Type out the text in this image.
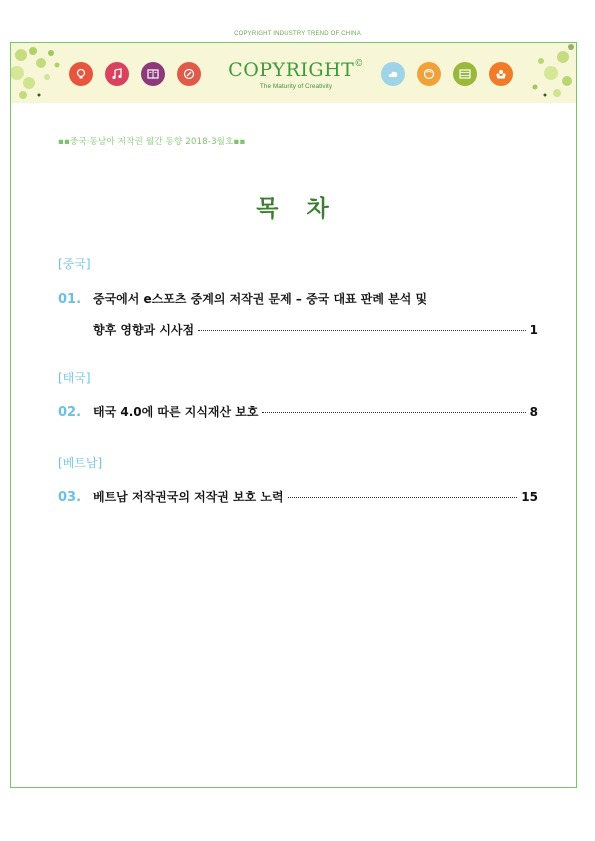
COPYRIGHT INDUSTRY TREND OF CHINA
COPYRIGHT©
The Maturity of Creativity
▪▪중국·동남아 저작권 월간 동향 2018-3월호▪▪
목 차
[중국]
01. 중국에서 e스포츠 중계의 저작권 문제 – 중국 대표 판례 분석 및
향후 영향과 시사점	1
[태국]
02. 태국 4.0에 따른 지식재산 보호	8
[베트남]
03. 베트남 저작권국의 저작권 보호 노력	15
